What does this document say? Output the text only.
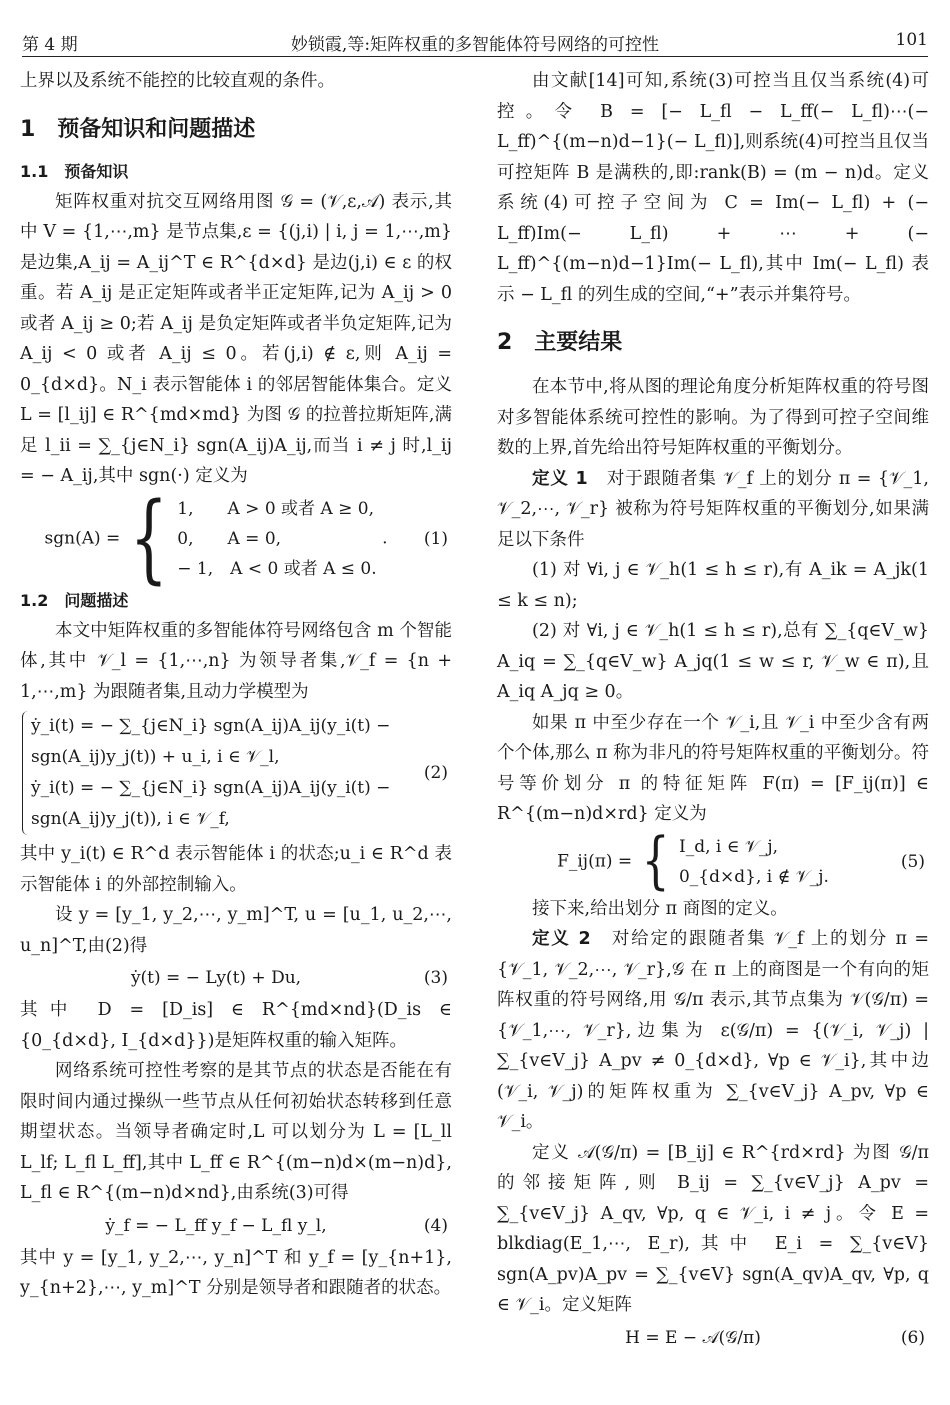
第 4 期	妙锁霞,等:矩阵权重的多智能体符号网络的可控性	101

上界以及系统不能控的比较直观的条件。

1　预备知识和问题描述
1.1　预备知识

矩阵权重对抗交互网络用图 𝒢 = (𝒱,ε,𝒜) 表示,其中 V = {1,⋯,m} 是节点集,ε = {(j,i) | i, j = 1,⋯,m} 是边集,A_ij = A_ij^T ∈ R^{d×d} 是边(j,i) ∈ ε 的权重。若 A_ij 是正定矩阵或者半正定矩阵,记为 A_ij > 0 或者 A_ij ≥ 0;若 A_ij 是负定矩阵或者半负定矩阵,记为 A_ij < 0 或者 A_ij ≤ 0。若(j,i) ∉ ε,则 A_ij = 0_{d×d}。N_i 表示智能体 i 的邻居智能体集合。定义 L = [l_ij] ∈ R^{md×md} 为图 𝒢 的拉普拉斯矩阵,满足 l_ii = ∑_{j∈N_i} sgn(A_ij)A_ij,而当 i ≠ j 时,l_ij = − A_ij,其中 sgn(·) 定义为

sgn(A) = { 1,　　A > 0 或者 A ≥ 0,
0,　　A = 0,
− 1,　A < 0 或者 A ≤ 0.
. (1)
1.2　问题描述

本文中矩阵权重的多智能体符号网络包含 m 个智能体,其中 𝒱_l = {1,⋯,n} 为领导者集,𝒱_f = {n + 1,⋯,m} 为跟随者集,且动力学模型为

ẏ_i(t) = − ∑_{j∈N_i} sgn(A_ij)A_ij(y_i(t) −
sgn(A_ij)y_j(t)) + u_i, i ∈ 𝒱_l,
ẏ_i(t) = − ∑_{j∈N_i} sgn(A_ij)A_ij(y_i(t) −
sgn(A_ij)y_j(t)), i ∈ 𝒱_f,
(2)

其中 y_i(t) ∈ R^d 表示智能体 i 的状态;u_i ∈ R^d 表示智能体 i 的外部控制输入。

设 y = [y_1, y_2,⋯, y_m]^T, u = [u_1, u_2,⋯, u_n]^T,由(2)得

ẏ(t) = − Ly(t) + Du,	(3)

其中 D = [D_is] ∈ R^{md×nd}(D_is ∈ {0_{d×d}, I_{d×d}})是矩阵权重的输入矩阵。

网络系统可控性考察的是其节点的状态是否能在有限时间内通过操纵一些节点从任何初始状态转移到任意期望状态。当领导者确定时,L 可以划分为 L = [L_ll L_lf; L_fl L_ff],其中 L_ff ∈ R^{(m−n)d×(m−n)d}, L_fl ∈ R^{(m−n)d×nd},由系统(3)可得

ẏ_f = − L_ff y_f − L_fl y_l,	(4)

其中 y = [y_1, y_2,⋯, y_n]^T 和 y_f = [y_{n+1}, y_{n+2},⋯, y_m]^T 分别是领导者和跟随者的状态。

由文献[14]可知,系统(3)可控当且仅当系统(4)可控。令 B = [− L_fl − L_ff(− L_fl)⋯(− L_ff)^{(m−n)d−1}(− L_fl)],则系统(4)可控当且仅当可控矩阵 B 是满秩的,即:rank(B) = (m − n)d。定义系统(4)可控子空间为 C = Im(− L_fl) + (− L_ff)Im(− L_fl) + ⋯ + (− L_ff)^{(m−n)d−1}Im(− L_fl),其中 Im(− L_fl) 表示 − L_fl 的列生成的空间,“+”表示并集符号。

2　主要结果

在本节中,将从图的理论角度分析矩阵权重的符号图对多智能体系统可控性的影响。为了得到可控子空间维数的上界,首先给出符号矩阵权重的平衡划分。

定义 1　 对于跟随者集 𝒱_f 上的划分 π = {𝒱_1, 𝒱_2,⋯, 𝒱_r} 被称为符号矩阵权重的平衡划分,如果满足以下条件

(1) 对 ∀i, j ∈ 𝒱_h(1 ≤ h ≤ r),有 A_ik = A_jk(1 ≤ k ≤ n);

(2) 对 ∀i, j ∈ 𝒱_h(1 ≤ h ≤ r),总有 ∑_{q∈V_w} A_iq = ∑_{q∈V_w} A_jq(1 ≤ w ≤ r, 𝒱_w ∈ π),且 A_iq A_jq ≥ 0。

如果 π 中至少存在一个 𝒱_i,且 𝒱_i 中至少含有两个个体,那么 π 称为非凡的符号矩阵权重的平衡划分。符号等价划分 π 的特征矩阵 F(π) = [F_ij(π)] ∈ R^{(m−n)d×rd} 定义为

F_ij(π) = { I_d, i ∈ 𝒱_j,
0_{d×d}, i ∉ 𝒱_j.
(5)

接下来,给出划分 π 商图的定义。

定义 2　 对给定的跟随者集 𝒱_f 上的划分 π = {𝒱_1, 𝒱_2,⋯, 𝒱_r},𝒢 在 π 上的商图是一个有向的矩阵权重的符号网络,用 𝒢/π 表示,其节点集为 𝒱(𝒢/π) = {𝒱_1,⋯, 𝒱_r},边集为 ε(𝒢/π) = {(𝒱_i, 𝒱_j) | ∑_{v∈V_j} A_pv ≠ 0_{d×d}, ∀p ∈ 𝒱_i},其中边(𝒱_i, 𝒱_j)的矩阵权重为 ∑_{v∈V_j} A_pv, ∀p ∈ 𝒱_i。

定义 𝒜(𝒢/π) = [B_ij] ∈ R^{rd×rd} 为图 𝒢/π 的邻接矩阵,则 B_ij = ∑_{v∈V_j} A_pv = ∑_{v∈V_j} A_qv, ∀p, q ∈ 𝒱_i, i ≠ j。令 E = blkdiag(E_1,⋯, E_r),其中 E_i = ∑_{v∈V} sgn(A_pv)A_pv = ∑_{v∈V} sgn(A_qv)A_qv, ∀p, q ∈ 𝒱_i。定义矩阵

H = E − 𝒜(𝒢/π)	(6)
